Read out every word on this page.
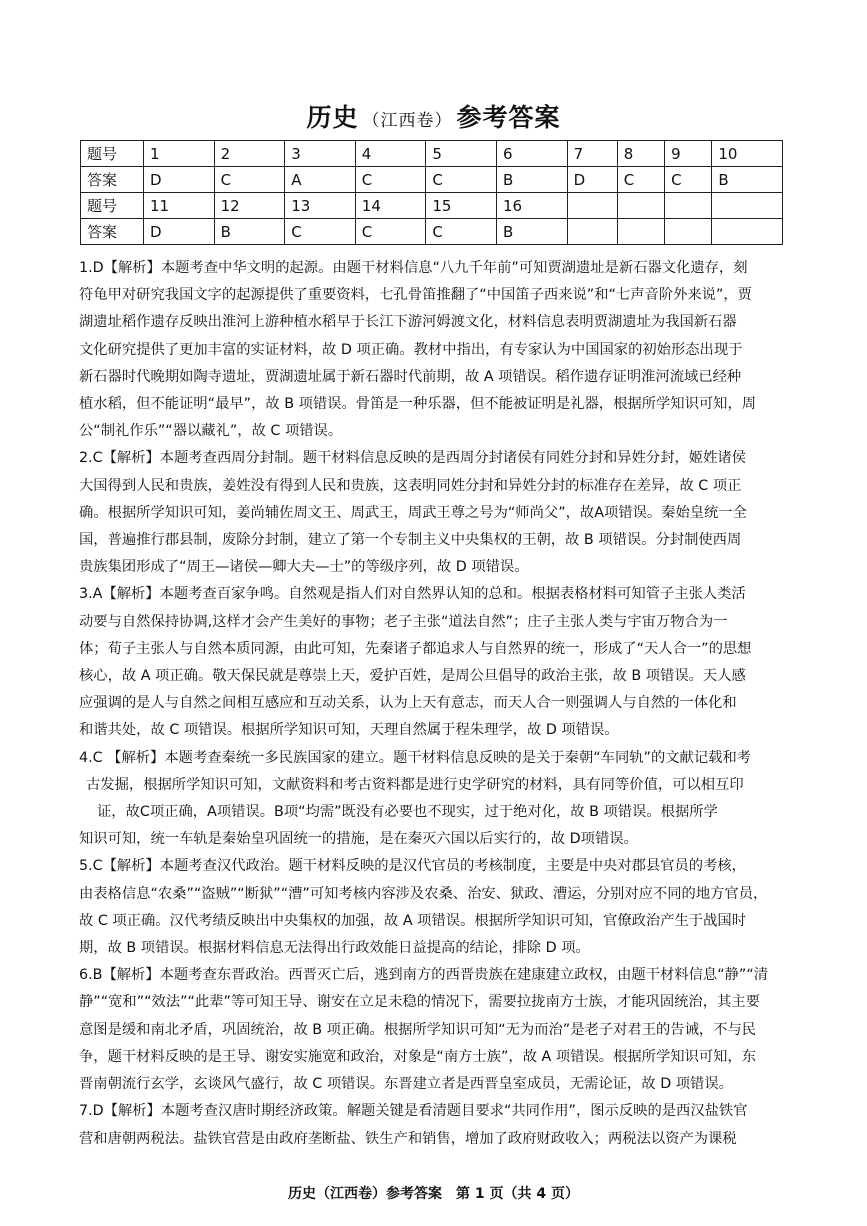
历史 （江西卷） 参考答案
题号	1	2	3	4	5	6	7	8	9	10
答案	D	C	A	C	C	B	D	C	C	B
题号	11	12	13	14	15	16				
答案	D	B	C	C	C	B				
1.D【解析】本题考查中华文明的起源。由题干材料信息“八九千年前”可知贾湖遗址是新石器文化遗存，刻
符龟甲对研究我国文字的起源提供了重要资料，七孔骨笛推翻了“中国笛子西来说”和“七声音阶外来说”，贾
湖遗址稻作遗存反映出淮河上游种植水稻早于长江下游河姆渡文化，材料信息表明贾湖遗址为我国新石器
文化研究提供了更加丰富的实证材料，故 D 项正确。教材中指出，有专家认为中国国家的初始形态出现于
新石器时代晚期如陶寺遗址，贾湖遗址属于新石器时代前期，故 A 项错误。稻作遗存证明淮河流域已经种
植水稻，但不能证明“最早”，故 B 项错误。骨笛是一种乐器，但不能被证明是礼器，根据所学知识可知，周
公“制礼作乐”“器以藏礼”，故 C 项错误。
2.C【解析】本题考查西周分封制。题干材料信息反映的是西周分封诸侯有同姓分封和异姓分封，姬姓诸侯
大国得到人民和贵族，姜姓没有得到人民和贵族，这表明同姓分封和异姓分封的标准存在差异，故 C 项正
确。根据所学知识可知，姜尚辅佐周文王、周武王，周武王尊之号为“师尚父”，故A项错误。秦始皇统一全
国，普遍推行郡县制，废除分封制，建立了第一个专制主义中央集权的王朝，故 B 项错误。分封制使西周
贵族集团形成了“周王—诸侯—卿大夫—士”的等级序列，故 D 项错误。
3.A【解析】本题考查百家争鸣。自然观是指人们对自然界认知的总和。根据表格材料可知管子主张人类活
动要与自然保持协调,这样才会产生美好的事物；老子主张“道法自然”；庄子主张人类与宇宙万物合为一
体；荀子主张人与自然本质同源，由此可知，先秦诸子都追求人与自然界的统一，形成了“天人合一”的思想
核心，故 A 项正确。敬天保民就是尊崇上天，爱护百姓，是周公旦倡导的政治主张，故 B 项错误。天人感
应强调的是人与自然之间相互感应和互动关系，认为上天有意志，而天人合一则强调人与自然的一体化和
和谐共处，故 C 项错误。根据所学知识可知，天理自然属于程朱理学，故 D 项错误。
4.C 【解析】本题考查秦统一多民族国家的建立。题干材料信息反映的是关于秦朝“车同轨”的文献记载和考
古发掘，根据所学知识可知，文献资料和考古资料都是进行史学研究的材料，具有同等价值，可以相互印
证，故C项正确，A项错误。B项“均需”既没有必要也不现实，过于绝对化，故 B 项错误。根据所学
知识可知，统一车轨是秦始皇巩固统一的措施，是在秦灭六国以后实行的，故 D项错误。
5.C【解析】本题考查汉代政治。题干材料反映的是汉代官员的考核制度，主要是中央对郡县官员的考核，
由表格信息“农桑”“盗贼”“断狱”“漕”可知考核内容涉及农桑、治安、狱政、漕运，分别对应不同的地方官员，
故 C 项正确。汉代考绩反映出中央集权的加强，故 A 项错误。根据所学知识可知，官僚政治产生于战国时
期，故 B 项错误。根据材料信息无法得出行政效能日益提高的结论，排除 D 项。
6.B【解析】本题考查东晋政治。西晋灭亡后，逃到南方的西晋贵族在建康建立政权，由题干材料信息“静”“清
静”“宽和”“效法”“此辈”等可知王导、谢安在立足未稳的情况下，需要拉拢南方士族，才能巩固统治，其主要
意图是缓和南北矛盾，巩固统治，故 B 项正确。根据所学知识可知“无为而治”是老子对君王的告诫，不与民
争，题干材料反映的是王导、谢安实施宽和政治，对象是“南方士族”，故 A 项错误。根据所学知识可知，东
晋南朝流行玄学，玄谈风气盛行，故 C 项错误。东晋建立者是西晋皇室成员，无需论证，故 D 项错误。
7.D【解析】本题考查汉唐时期经济政策。解题关键是看清题目要求“共同作用”，图示反映的是西汉盐铁官
营和唐朝两税法。盐铁官营是由政府垄断盐、铁生产和销售，增加了政府财政收入；两税法以资产为课税
历史（江西卷）参考答案　第 1 页（共 4 页）
